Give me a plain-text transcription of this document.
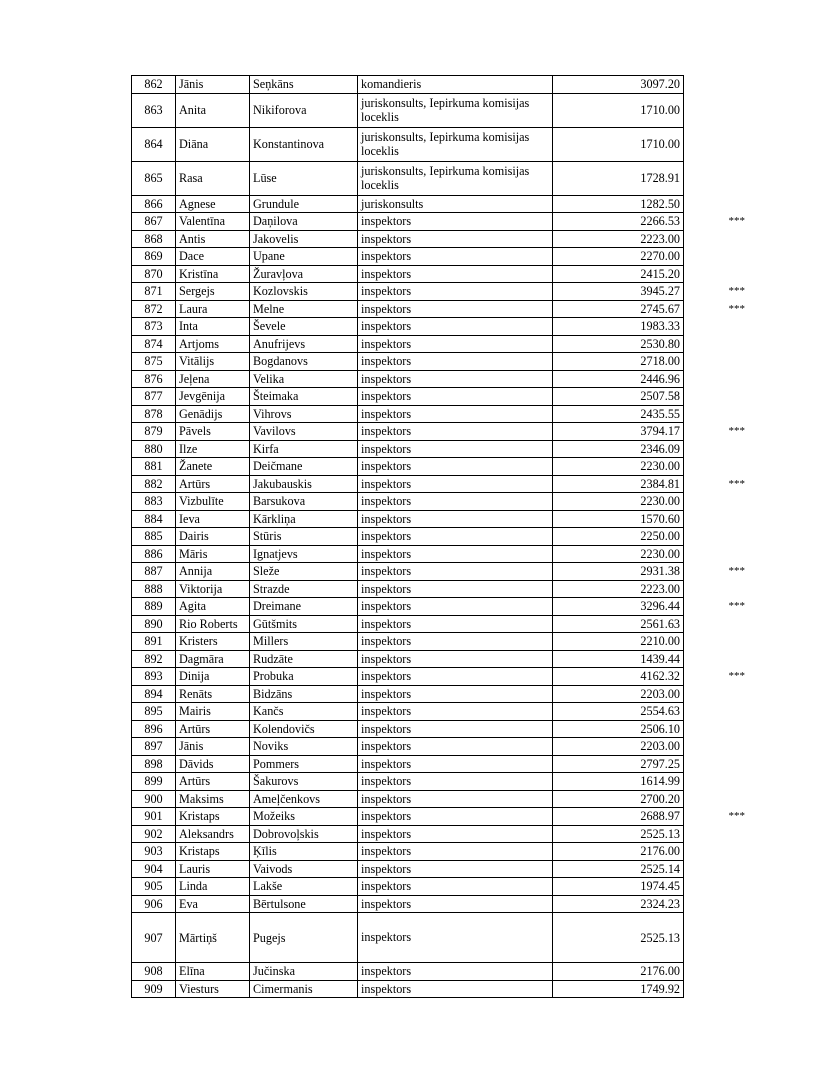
862	Jānis	Seņkāns	komandieris	3097.20	
863	Anita	Nikiforova	juriskonsults, Iepirkuma komisijas loceklis	1710.00	
864	Diāna	Konstantinova	juriskonsults, Iepirkuma komisijas loceklis	1710.00	
865	Rasa	Lūse	juriskonsults, Iepirkuma komisijas loceklis	1728.91	
866	Agnese	Grundule	juriskonsults	1282.50	
867	Valentīna	Daņilova	inspektors	2266.53	***
868	Antis	Jakovelis	inspektors	2223.00	
869	Dace	Upane	inspektors	2270.00	
870	Kristīna	Žuravļova	inspektors	2415.20	
871	Sergejs	Kozlovskis	inspektors	3945.27	***
872	Laura	Melne	inspektors	2745.67	***
873	Inta	Ševele	inspektors	1983.33	
874	Artjoms	Anufrijevs	inspektors	2530.80	
875	Vitālijs	Bogdanovs	inspektors	2718.00	
876	Jeļena	Velika	inspektors	2446.96	
877	Jevgēnija	Šteimaka	inspektors	2507.58	
878	Genādijs	Vihrovs	inspektors	2435.55	
879	Pāvels	Vavilovs	inspektors	3794.17	***
880	Ilze	Kirfa	inspektors	2346.09	
881	Žanete	Deičmane	inspektors	2230.00	
882	Artūrs	Jakubauskis	inspektors	2384.81	***
883	Vizbulīte	Barsukova	inspektors	2230.00	
884	Ieva	Kārkliņa	inspektors	1570.60	
885	Dairis	Stūris	inspektors	2250.00	
886	Māris	Ignatjevs	inspektors	2230.00	
887	Annija	Sleže	inspektors	2931.38	***
888	Viktorija	Strazde	inspektors	2223.00	
889	Agita	Dreimane	inspektors	3296.44	***
890	Rio Roberts	Gūtšmits	inspektors	2561.63	
891	Kristers	Millers	inspektors	2210.00	
892	Dagmāra	Rudzāte	inspektors	1439.44	
893	Dinija	Probuka	inspektors	4162.32	***
894	Renāts	Bidzāns	inspektors	2203.00	
895	Mairis	Kančs	inspektors	2554.63	
896	Artūrs	Kolendovičs	inspektors	2506.10	
897	Jānis	Noviks	inspektors	2203.00	
898	Dāvids	Pommers	inspektors	2797.25	
899	Artūrs	Šakurovs	inspektors	1614.99	
900	Maksims	Ameļčenkovs	inspektors	2700.20	
901	Kristaps	Možeiks	inspektors	2688.97	***
902	Aleksandrs	Dobrovoļskis	inspektors	2525.13	
903	Kristaps	Ķīlis	inspektors	2176.00	
904	Lauris	Vaivods	inspektors	2525.14	
905	Linda	Lakše	inspektors	1974.45	
906	Eva	Bērtulsone	inspektors	2324.23	
907	Mārtiņš	Pugejs	inspektors	2525.13	
908	Elīna	Jučinska	inspektors	2176.00	
909	Viesturs	Cimermanis	inspektors	1749.92	
